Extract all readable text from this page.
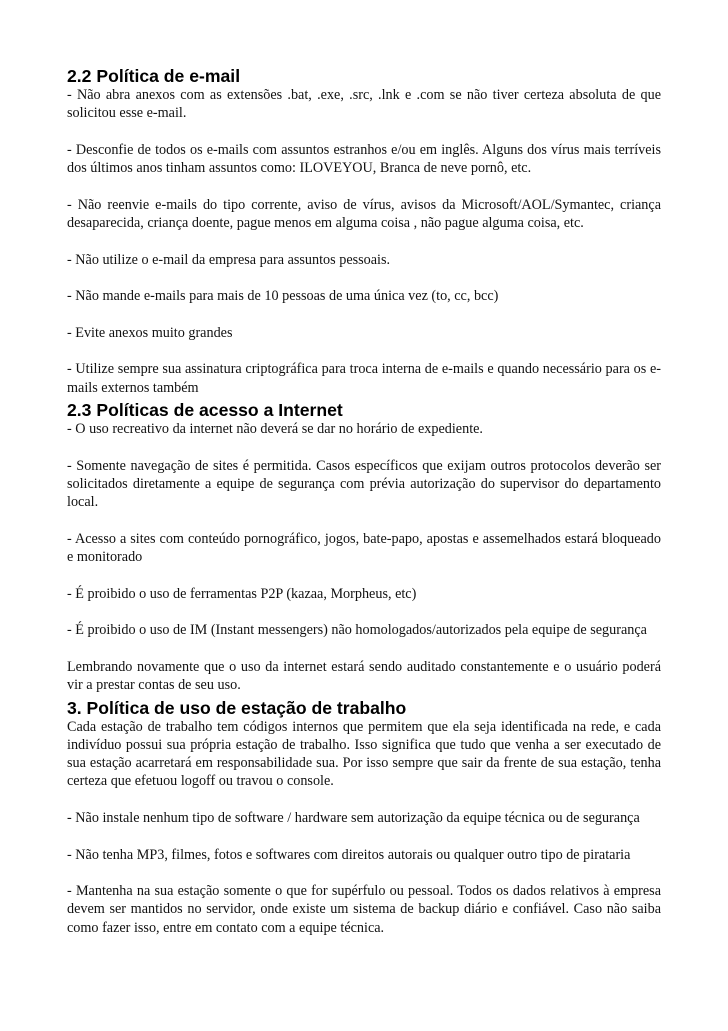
2.2 Política de e-mail

- Não abra anexos com as extensões .bat, .exe, .src, .lnk e .com se não tiver certeza absoluta de que solicitou esse e-mail.

- Desconfie de todos os e-mails com assuntos estranhos e/ou em inglês. Alguns dos vírus mais terríveis dos últimos anos tinham assuntos como: ILOVEYOU, Branca de neve pornô, etc.

- Não reenvie e-mails do tipo corrente, aviso de vírus, avisos da Microsoft/AOL/Symantec, criança desaparecida, criança doente, pague menos em alguma coisa , não pague alguma coisa, etc.

- Não utilize o e-mail da empresa para assuntos pessoais.

- Não mande e-mails para mais de 10 pessoas de uma única vez (to, cc, bcc)

- Evite anexos muito grandes

- Utilize sempre sua assinatura criptográfica para troca interna de e-mails e quando necessário para os e-mails externos também

2.3 Políticas de acesso a Internet

- O uso recreativo da internet não deverá se dar no horário de expediente.

- Somente navegação de sites é permitida. Casos específicos que exijam outros protocolos deverão ser solicitados diretamente a equipe de segurança com prévia autorização do supervisor do departamento local.

- Acesso a sites com conteúdo pornográfico, jogos, bate-papo, apostas e assemelhados estará bloqueado e monitorado

- É proibido o uso de ferramentas P2P (kazaa, Morpheus, etc)

- É proibido o uso de IM (Instant messengers) não homologados/autorizados pela equipe de segurança

Lembrando novamente que o uso da internet estará sendo auditado constantemente e o usuário poderá vir a prestar contas de seu uso.

3. Política de uso de estação de trabalho

Cada estação de trabalho tem códigos internos que permitem que ela seja identificada na rede, e cada indivíduo possui sua própria estação de trabalho. Isso significa que tudo que venha a ser executado de sua estação acarretará em responsabilidade sua. Por isso sempre que sair da frente de sua estação, tenha certeza que efetuou logoff ou travou o console.

- Não instale nenhum tipo de software / hardware sem autorização da equipe técnica ou de segurança

- Não tenha MP3, filmes, fotos e softwares com direitos autorais ou qualquer outro tipo de pirataria

- Mantenha na sua estação somente o que for supérfulo ou pessoal. Todos os dados relativos à empresa devem ser mantidos no servidor, onde existe um sistema de backup diário e confiável. Caso não saiba como fazer isso, entre em contato com a equipe técnica.
